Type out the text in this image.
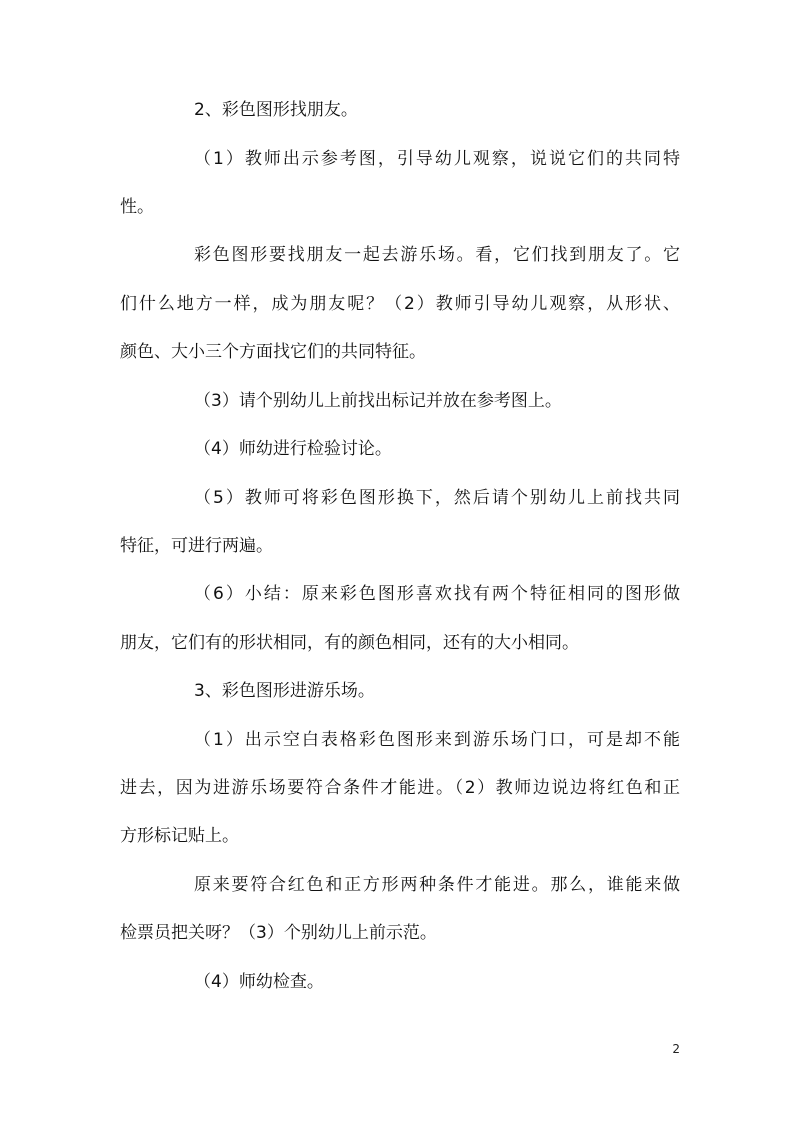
2、彩色图形找朋友。
（1）教师出示参考图，引导幼儿观察，说说它们的共同特
性。
彩色图形要找朋友一起去游乐场。看，它们找到朋友了。它
们什么地方一样，成为朋友呢？（2）教师引导幼儿观察，从形状、
颜色、大小三个方面找它们的共同特征。
（3）请个别幼儿上前找出标记并放在参考图上。
（4）师幼进行检验讨论。
（5）教师可将彩色图形换下，然后请个别幼儿上前找共同
特征，可进行两遍。
（6）小结：原来彩色图形喜欢找有两个特征相同的图形做
朋友，它们有的形状相同，有的颜色相同，还有的大小相同。
3、彩色图形进游乐场。
（1）出示空白表格彩色图形来到游乐场门口，可是却不能
进去，因为进游乐场要符合条件才能进。（2）教师边说边将红色和正
方形标记贴上。
原来要符合红色和正方形两种条件才能进。那么，谁能来做
检票员把关呀？（3）个别幼儿上前示范。
（4）师幼检查。
2
